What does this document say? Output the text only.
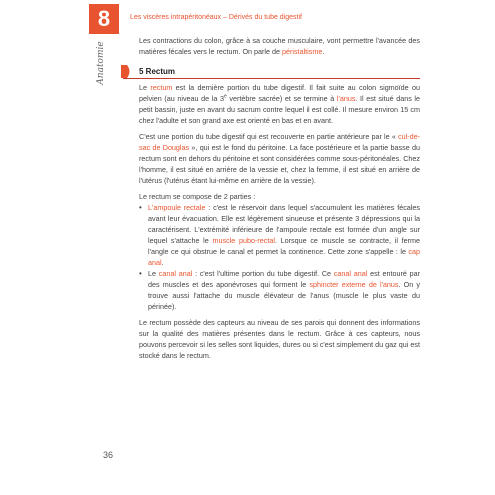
8	Les viscères intrapéritonéaux – Dérivés du tube digestif
Anatomie

Les contractions du colon, grâce à sa couche musculaire, vont permettre l'avancée des matières fécales vers le rectum. On parle de péristaltisme.

5 Rectum

Le rectum est la dernière portion du tube digestif. Il fait suite au colon sigmoïde ou pelvien (au niveau de la 3e vertèbre sacrée) et se termine à l'anus. Il est situé dans le petit bassin, juste en avant du sacrum contre lequel il est collé. Il mesure environ 15 cm chez l'adulte et son grand axe est orienté en bas et en avant.

C'est une portion du tube digestif qui est recouverte en partie antérieure par le « cul-de-sac de Douglas », qui est le fond du péritoine. La face postérieure et la partie basse du rectum sont en dehors du péritoine et sont considérées comme sous-péritonéales. Chez l'homme, il est situé en arrière de la vessie et, chez la femme, il est situé en arrière de l'utérus (l'utérus étant lui-même en arrière de la vessie).

Le rectum se compose de 2 parties :

• L'ampoule rectale : c'est le réservoir dans lequel s'accumulent les matières fécales avant leur évacuation. Elle est légèrement sinueuse et présente 3 dépressions qui la caractérisent. L'extrémité inférieure de l'ampoule rectale est formée d'un angle sur lequel s'attache le muscle pubo-rectal. Lorsque ce muscle se contracte, il ferme l'angle ce qui obstrue le canal et permet la continence. Cette zone s'appelle : le cap anal.
• Le canal anal : c'est l'ultime portion du tube digestif. Ce canal anal est entouré par des muscles et des aponévroses qui forment le sphincter externe de l'anus. On y trouve aussi l'attache du muscle élévateur de l'anus (muscle le plus vaste du périnée).

Le rectum possède des capteurs au niveau de ses parois qui donnent des informations sur la qualité des matières présentes dans le rectum. Grâce à ces capteurs, nous pouvons percevoir si les selles sont liquides, dures ou si c'est simplement du gaz qui est stocké dans le rectum.

36
